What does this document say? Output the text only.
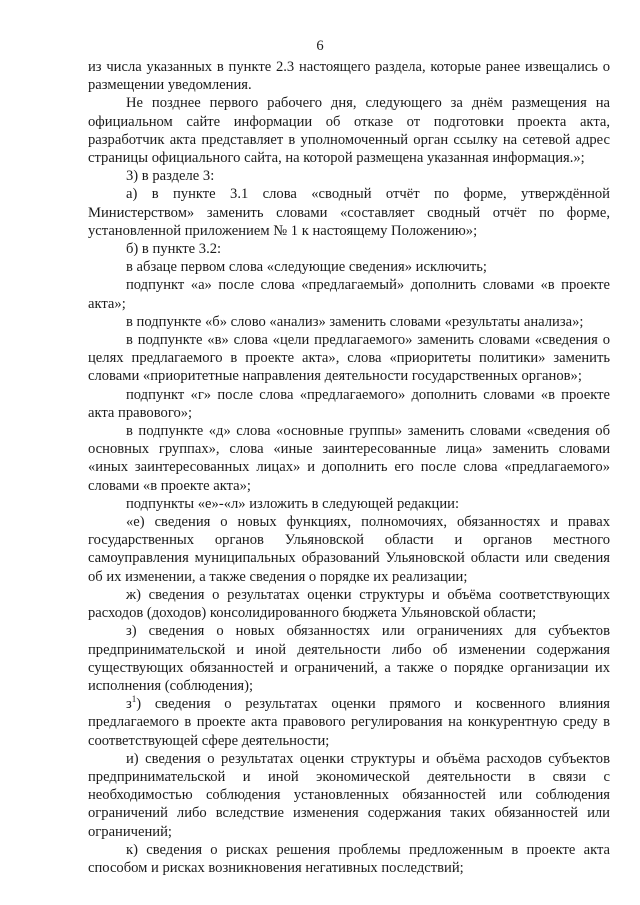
6

из числа указанных в пункте 2.3 настоящего раздела, которые ранее извещались о размещении уведомления.

Не позднее первого рабочего дня, следующего за днём размещения на официальном сайте информации об отказе от подготовки проекта акта, разработчик акта представляет в уполномоченный орган ссылку на сетевой адрес страницы официального сайта, на которой размещена указанная информация.»;

3) в разделе 3:

а) в пункте 3.1 слова «сводный отчёт по форме, утверждённой Министерством» заменить словами «составляет сводный отчёт по форме, установленной приложением № 1 к настоящему Положению»;

б) в пункте 3.2:

в абзаце первом слова «следующие сведения» исключить;

подпункт «а» после слова «предлагаемый» дополнить словами «в проекте акта»;

в подпункте «б» слово «анализ» заменить словами «результаты анализа»;

в подпункте «в» слова «цели предлагаемого» заменить словами «сведения о целях предлагаемого в проекте акта», слова «приоритеты политики» заменить словами «приоритетные направления деятельности государственных органов»;

подпункт «г» после слова «предлагаемого» дополнить словами «в проекте акта правового»;

в подпункте «д» слова «основные группы» заменить словами «сведения об основных группах», слова «иные заинтересованные лица» заменить словами «иных заинтересованных лицах» и дополнить его после слова «предлагаемого» словами «в проекте акта»;

подпункты «е»-«л» изложить в следующей редакции:

«е) сведения о новых функциях, полномочиях, обязанностях и правах государственных органов Ульяновской области и органов местного самоуправления муниципальных образований Ульяновской области или сведения об их изменении, а также сведения о порядке их реализации;

ж) сведения о результатах оценки структуры и объёма соответствующих расходов (доходов) консолидированного бюджета Ульяновской области;

з) сведения о новых обязанностях или ограничениях для субъектов предпринимательской и иной деятельности либо об изменении содержания существующих обязанностей и ограничений, а также о порядке организации их исполнения (соблюдения);

$з^1$) сведения о результатах оценки прямого и косвенного влияния предлагаемого в проекте акта правового регулирования на конкурентную среду в соответствующей сфере деятельности;

и) сведения о результатах оценки структуры и объёма расходов субъектов предпринимательской и иной экономической деятельности в связи с необходимостью соблюдения установленных обязанностей или соблюдения ограничений либо вследствие изменения содержания таких обязанностей или ограничений;

к) сведения о рисках решения проблемы предложенным в проекте акта способом и рисках возникновения негативных последствий;
